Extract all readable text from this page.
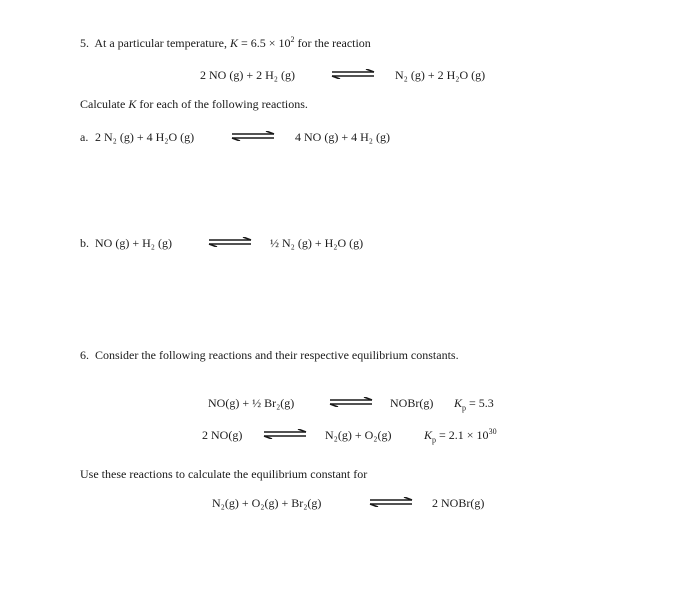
5. At a particular temperature, $K = 6.5 \times 10^2$ for the reaction
2 NO (g) + 2 H₂ (g)	N₂ (g) + 2 H₂O (g)
Calculate K for each of the following reactions.
a. 2 N₂ (g) + 4 H₂O (g)	4 NO (g) + 4 H₂ (g)
b. NO (g) + H₂ (g)	½ N₂ (g) + H₂O (g)
6. Consider the following reactions and their respective equilibrium constants.
NO(g) + ½ Br₂(g)	NOBr(g) $K_p = 5.3$
2 NO(g)	N₂(g) + O₂(g)	$K_p = 2.1 \times 10^{30}$
Use these reactions to calculate the equilibrium constant for
N₂(g) + O₂(g) + Br₂(g)	2 NOBr(g)
